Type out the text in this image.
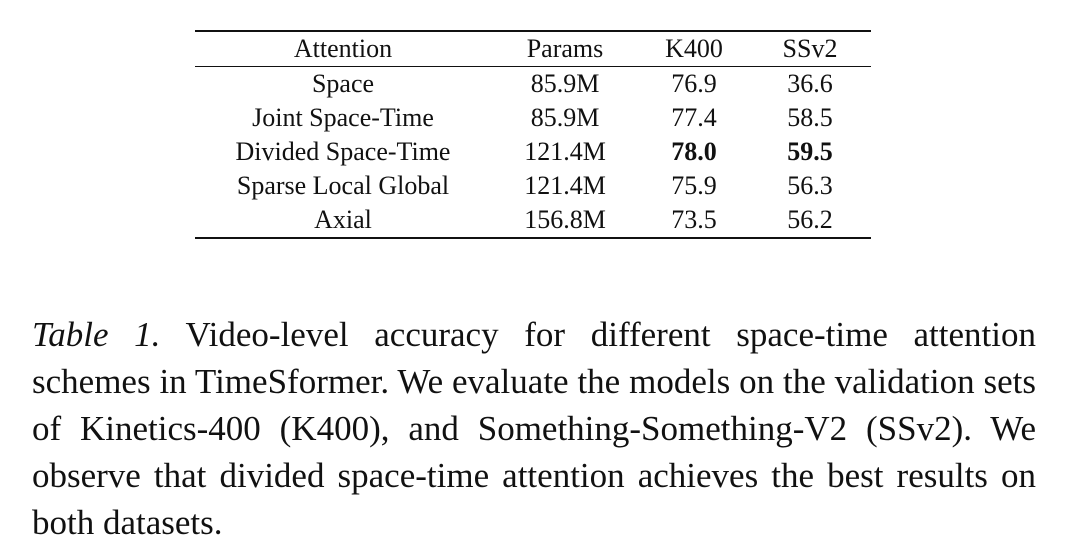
Attention	Params	K400	SSv2
Space	85.9M	76.9	36.6
Joint Space-Time	85.9M	77.4	58.5
Divided Space-Time	121.4M	78.0	59.5
Sparse Local Global	121.4M	75.9	56.3
Axial	156.8M	73.5	56.2

Table 1. Video-level accuracy for different space-time attention schemes in TimeSformer. We evaluate the models on the validation sets of Kinetics-400 (K400), and Something-Something-V2 (SSv2). We observe that divided space-time attention achieves the best results on both datasets.
